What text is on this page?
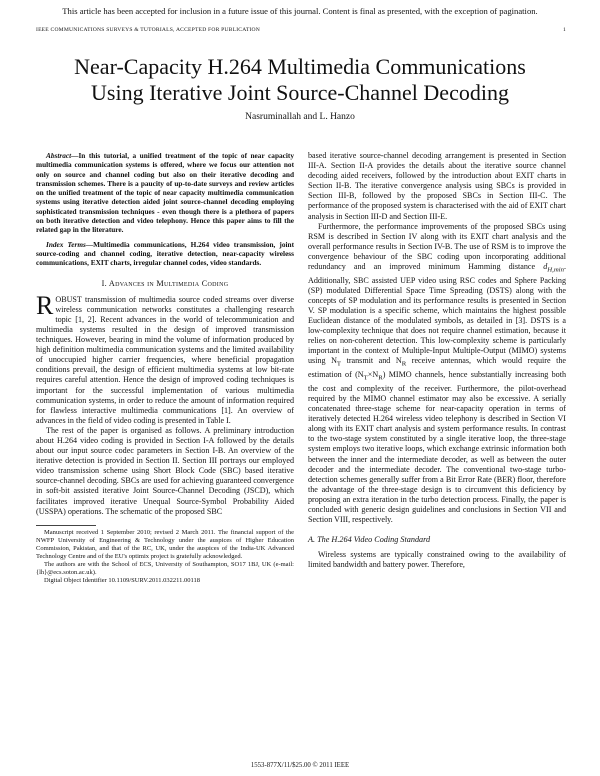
This article has been accepted for inclusion in a future issue of this journal. Content is final as presented, with the exception of pagination.
IEEE COMMUNICATIONS SURVEYS & TUTORIALS, ACCEPTED FOR PUBLICATION	1
Near-Capacity H.264 Multimedia Communications
Using Iterative Joint Source-Channel Decoding
Nasruminallah and L. Hanzo

Abstract—In this tutorial, a unified treatment of the topic of near capacity multimedia communication systems is offered, where we focus our attention not only on source and channel coding but also on their iterative decoding and transmission schemes. There is a paucity of up-to-date surveys and review articles on the unified treatment of the topic of near capacity multimedia communication systems using iterative detection aided joint source-channel decoding employing sophisticated transmission techniques - even though there is a plethora of papers on both iterative detection and video telephony. Hence this paper aims to fill the related gap in the literature.

Index Terms—Multimedia communications, H.264 video transmission, joint source-coding and channel coding, iterative detection, near-capacity wireless communications, EXIT charts, irregular channel codes, video standards.

I. Advances in Multimedia Coding

ROBUST transmission of multimedia source coded streams over diverse wireless communication networks constitutes a challenging research topic [1, 2]. Recent advances in the world of telecommunication and multimedia systems resulted in the design of improved transmission techniques. However, bearing in mind the volume of information produced by high definition multimedia communication systems and the limited availability of unoccupied higher carrier frequencies, where beneficial propagation conditions prevail, the design of efficient multimedia systems at low bit-rate requires careful attention. Hence the design of improved coding techniques is important for the successful implementation of various multimedia communication systems, in order to reduce the amount of information required for flawless interactive multimedia communications [1]. An overview of advances in the field of video coding is presented in Table I.

The rest of the paper is organised as follows. A preliminary introduction about H.264 video coding is provided in Section I-A followed by the details about our input source codec parameters in Section I-B. An overview of the iterative detection is provided in Section II. Section III portrays our employed video transmission scheme using Short Block Code (SBC) based iterative source-channel decoding. SBCs are used for achieving guaranteed convergence in soft-bit assisted iterative Joint Source-Channel Decoding (JSCD), which facilitates improved iterative Unequal Source-Symbol Probability Aided (USSPA) operations. The schematic of the proposed SBC

Manuscript received 1 September 2010; revised 2 March 2011. The financial support of the NWFP University of Engineering & Technology under the auspices of Higher Education Commission, Pakistan, and that of the RC, UK, under the auspices of the India-UK Advanced Technology Centre and of the EU's optimix project is gratefully acknowledged.

The authors are with the School of ECS, University of Southampton, SO17 1BJ, UK (e-mail: {lh}@ecs.soton.ac.uk).

Digital Object Identifier 10.1109/SURV.2011.032211.00118

based iterative source-channel decoding arrangement is presented in Section III-A. Section II-A provides the details about the iterative source channel decoding aided receivers, followed by the introduction about EXIT charts in Section II-B. The iterative convergence analysis using SBCs is provided in Section III-B, followed by the proposed SBCs in Section III-C. The performance of the proposed system is characterised with the aid of EXIT chart analysis in Section III-D and Section III-E.

Furthermore, the performance improvements of the proposed SBCs using RSM is described in Section IV along with its EXIT chart analysis and the overall performance results in Section IV-B. The use of RSM is to improve the convergence behaviour of the SBC coding upon incorporating additional redundancy and an improved minimum Hamming distance $d_{H,min}$. Additionally, SBC assisted UEP video using RSC codes and Sphere Packing (SP) modulated Differential Space Time Spreading (DSTS) along with the concepts of SP modulation and its performance results is presented in Section V. SP modulation is a specific scheme, which maintains the highest possible Euclidean distance of the modulated symbols, as detailed in [3]. DSTS is a low-complexity technique that does not require channel estimation, because it relies on non-coherent detection. This low-complexity scheme is particularly important in the context of Multiple-Input Multiple-Output (MIMO) systems using $N_T$ transmit and $N_R$ receive antennas, which would require the estimation of $(N_T\times N_R)$ MIMO channels, hence substantially increasing both the cost and complexity of the receiver. Furthermore, the pilot-overhead required by the MIMO channel estimator may also be excessive. A serially concatenated three-stage scheme for near-capacity operation in terms of iteratively detected H.264 wireless video telephony is described in Section VI along with its EXIT chart analysis and system performance results. In contrast to the two-stage system constituted by a single iterative loop, the three-stage system employs two iterative loops, which exchange extrinsic information both between the inner and the intermediate decoder, as well as between the outer decoder and the intermediate decoder. The conventional two-stage turbo-detection schemes generally suffer from a Bit Error Rate (BER) floor, therefore the advantage of the three-stage design is to circumvent this deficiency by proposing an extra iteration in the turbo detection process. Finally, the paper is concluded with generic design guidelines and conclusions in Section VII and Section VIII, respectively.

A. The H.264 Video Coding Standard

Wireless systems are typically constrained owing to the availability of limited bandwidth and battery power. Therefore,

1553-877X/11/$25.00 © 2011 IEEE
